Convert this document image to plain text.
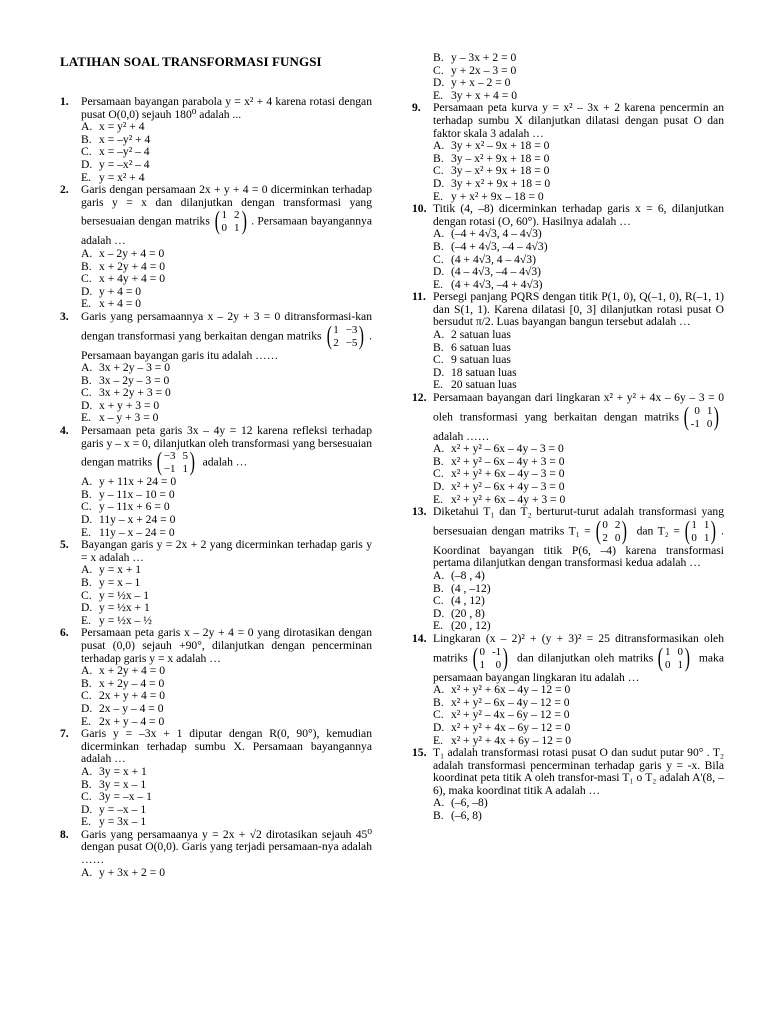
LATIHAN SOAL TRANSFORMASI FUNGSI
1. Persamaan bayangan parabola y = x² + 4 karena rotasi dengan pusat O(0,0) sejauh 180⁰ adalah ...
A. x = y² + 4
B. x = –y² + 4
C. x = –y² – 4
D. y = –x² – 4
E. y = x² + 4
2. Garis dengan persamaan 2x + y + 4 = 0 dicerminkan terhadap garis y = x dan dilanjutkan dengan transformasi yang bersesuaian dengan matriks ( 1 2
0 1 ) . Persamaan bayangannya adalah …
A. x – 2y + 4 = 0
B. x + 2y + 4 = 0
C. x + 4y + 4 = 0
D. y + 4 = 0
E. x + 4 = 0
3. Garis yang persamaannya x – 2y + 3 = 0 ditransformasi-kan dengan transformasi yang berkaitan dengan matriks ( 1 −3
2 −5 ) . Persamaan bayangan garis itu adalah ……
A. 3x + 2y – 3 = 0
B. 3x – 2y – 3 = 0
C. 3x + 2y + 3 = 0
D. x + y + 3 = 0
E. x – y + 3 = 0
4. Persamaan peta garis 3x – 4y = 12 karena refleksi terhadap garis y – x = 0, dilanjutkan oleh transformasi yang bersesuaian dengan matriks ( −3 5
−1 1 ) adalah …
A. y + 11x + 24 = 0
B. y – 11x – 10 = 0
C. y – 11x + 6 = 0
D. 11y – x + 24 = 0
E. 11y – x – 24 = 0
5. Bayangan garis y = 2x + 2 yang dicerminkan terhadap garis y = x adalah …
A. y = x + 1
B. y = x – 1
C. y = ½x – 1
D. y = ½x + 1
E. y = ½x – ½
6. Persamaan peta garis x – 2y + 4 = 0 yang dirotasikan dengan pusat (0,0) sejauh +90°, dilanjutkan dengan pencerminan terhadap garis y = x adalah …
A. x + 2y + 4 = 0
B. x + 2y – 4 = 0
C. 2x + y + 4 = 0
D. 2x – y – 4 = 0
E. 2x + y – 4 = 0
7. Garis y = –3x + 1 diputar dengan R(0, 90°), kemudian dicerminkan terhadap sumbu X. Persamaan bayangannya adalah …
A. 3y = x + 1
B. 3y = x – 1
C. 3y = –x – 1
D. y = –x – 1
E. y = 3x – 1
8. Garis yang persamaanya y = 2x + √2 dirotasikan sejauh 45⁰ dengan pusat O(0,0). Garis yang terjadi persamaan-nya adalah ……
A. y + 3x + 2 = 0
B. y – 3x + 2 = 0
C. y + 2x – 3 = 0
D. y + x – 2 = 0
E. 3y + x + 4 = 0
9. Persamaan peta kurva y = x² – 3x + 2 karena pencermin an terhadap sumbu X dilanjutkan dilatasi dengan pusat O dan faktor skala 3 adalah …
A. 3y + x² – 9x + 18 = 0
B. 3y – x² + 9x + 18 = 0
C. 3y – x² + 9x + 18 = 0
D. 3y + x² + 9x + 18 = 0
E. y + x² + 9x – 18 = 0
10. Titik (4, –8) dicerminkan terhadap garis x = 6, dilanjutkan dengan rotasi (O, 60°). Hasilnya adalah …
A. (–4 + 4√3, 4 – 4√3)
B. (–4 + 4√3, –4 – 4√3)
C. (4 + 4√3, 4 – 4√3)
D. (4 – 4√3, –4 – 4√3)
E. (4 + 4√3, –4 + 4√3)
11. Persegi panjang PQRS dengan titik P(1, 0), Q(–1, 0), R(–1, 1) dan S(1, 1). Karena dilatasi [0, 3] dilanjutkan rotasi pusat O bersudut π/2. Luas bayangan bangun tersebut adalah …
A. 2 satuan luas
B. 6 satuan luas
C. 9 satuan luas
D. 18 satuan luas
E. 20 satuan luas
12. Persamaan bayangan dari lingkaran x² + y² + 4x – 6y – 3 = 0 oleh transformasi yang berkaitan dengan matriks ( 0 1
-1 0 )
adalah ……
A. x² + y² – 6x – 4y – 3 = 0
B. x² + y² – 6x – 4y + 3 = 0
C. x² + y² + 6x – 4y – 3 = 0
D. x² + y² – 6x + 4y – 3 = 0
E. x² + y² + 6x – 4y + 3 = 0
13. Diketahui T₁ dan T₂ berturut-turut adalah transformasi yang bersesuaian dengan matriks T₁ = ( 0 2
2 0 ) dan T₂ = ( 1 1
0 1 ) . Koordinat bayangan titik P(6, –4) karena transformasi pertama dilanjutkan dengan transformasi kedua adalah …
A. (–8 , 4)
B. (4 , –12)
C. (4 , 12)
D. (20 , 8)
E. (20 , 12)
14. Lingkaran (x – 2)² + (y + 3)² = 25 ditransformasikan oleh matriks ( 0 -1
1 0 ) dan dilanjutkan oleh matriks ( 1 0
0 1 ) maka persamaan bayangan lingkaran itu adalah …
A. x² + y² + 6x – 4y – 12 = 0
B. x² + y² – 6x – 4y – 12 = 0
C. x² + y² – 4x – 6y – 12 = 0
D. x² + y² + 4x – 6y – 12 = 0
E. x² + y² + 4x + 6y – 12 = 0
15. T₁ adalah transformasi rotasi pusat O dan sudut putar 90° . T₂ adalah transformasi pencerminan terhadap garis y = -x. Bila koordinat peta titik A oleh transfor-masi T₁ o T₂ adalah A'(8, –6), maka koordinat titik A adalah …
A. (–6, –8)
B. (–6, 8)
